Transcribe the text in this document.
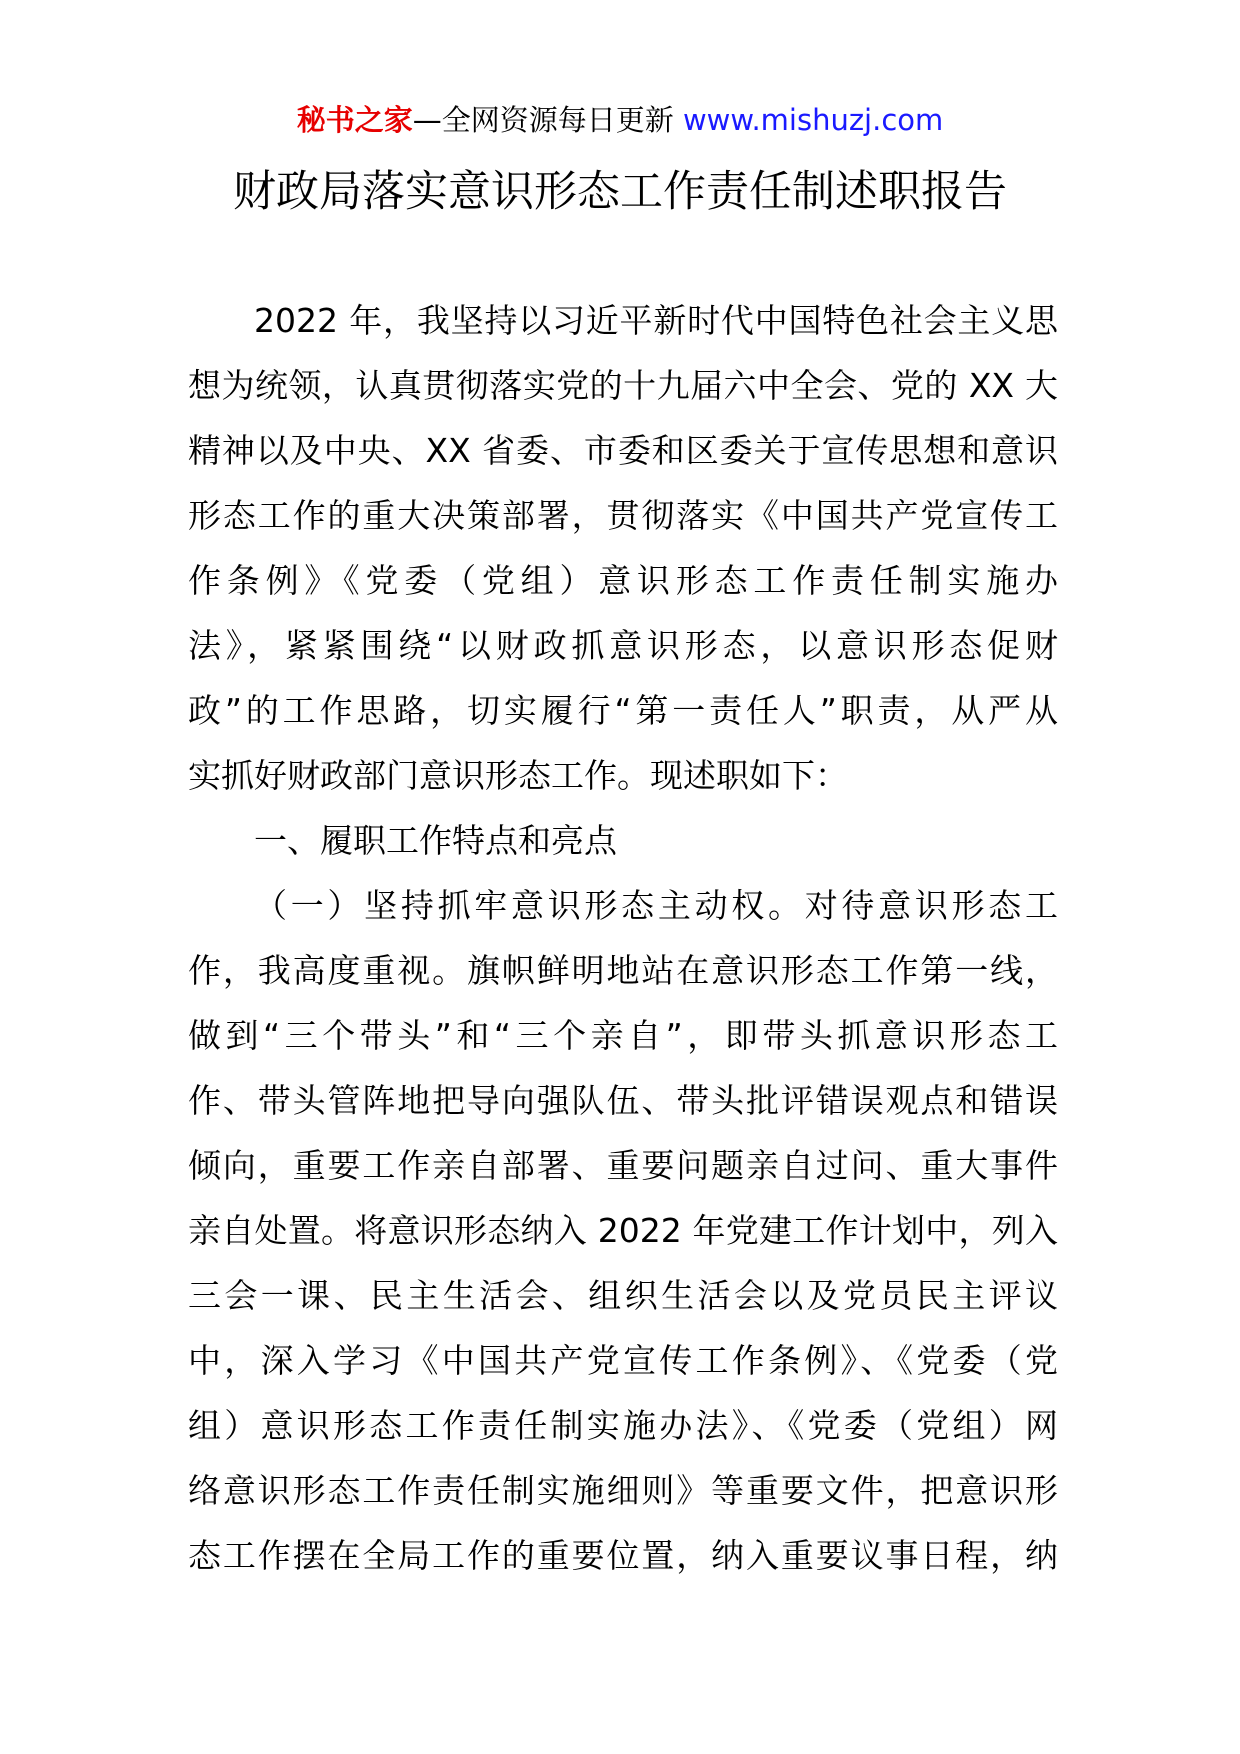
秘书之家—全网资源每日更新 www.mishuzj.com
财政局落实意识形态工作责任制述职报告
2022 年，我坚持以习近平新时代中国特色社会主义思
想为统领，认真贯彻落实党的十九届六中全会、党的 XX 大
精神以及中央、XX 省委、市委和区委关于宣传思想和意识
形态工作的重大决策部署，贯彻落实《中国共产党宣传工
作条例》《党委（党组）意识形态工作责任制实施办
法》，紧紧围绕“以财政抓意识形态，以意识形态促财
政”的工作思路，切实履行“第一责任人”职责，从严从
实抓好财政部门意识形态工作。现述职如下：
一、履职工作特点和亮点
（一）坚持抓牢意识形态主动权。对待意识形态工
作，我高度重视。旗帜鲜明地站在意识形态工作第一线，
做到“三个带头”和“三个亲自”，即带头抓意识形态工
作、带头管阵地把导向强队伍、带头批评错误观点和错误
倾向，重要工作亲自部署、重要问题亲自过问、重大事件
亲自处置。将意识形态纳入 2022 年党建工作计划中，列入
三会一课、民主生活会、组织生活会以及党员民主评议
中，深入学习《中国共产党宣传工作条例》、《党委（党
组）意识形态工作责任制实施办法》、《党委（党组）网
络意识形态工作责任制实施细则》等重要文件，把意识形
态工作摆在全局工作的重要位置，纳入重要议事日程，纳
